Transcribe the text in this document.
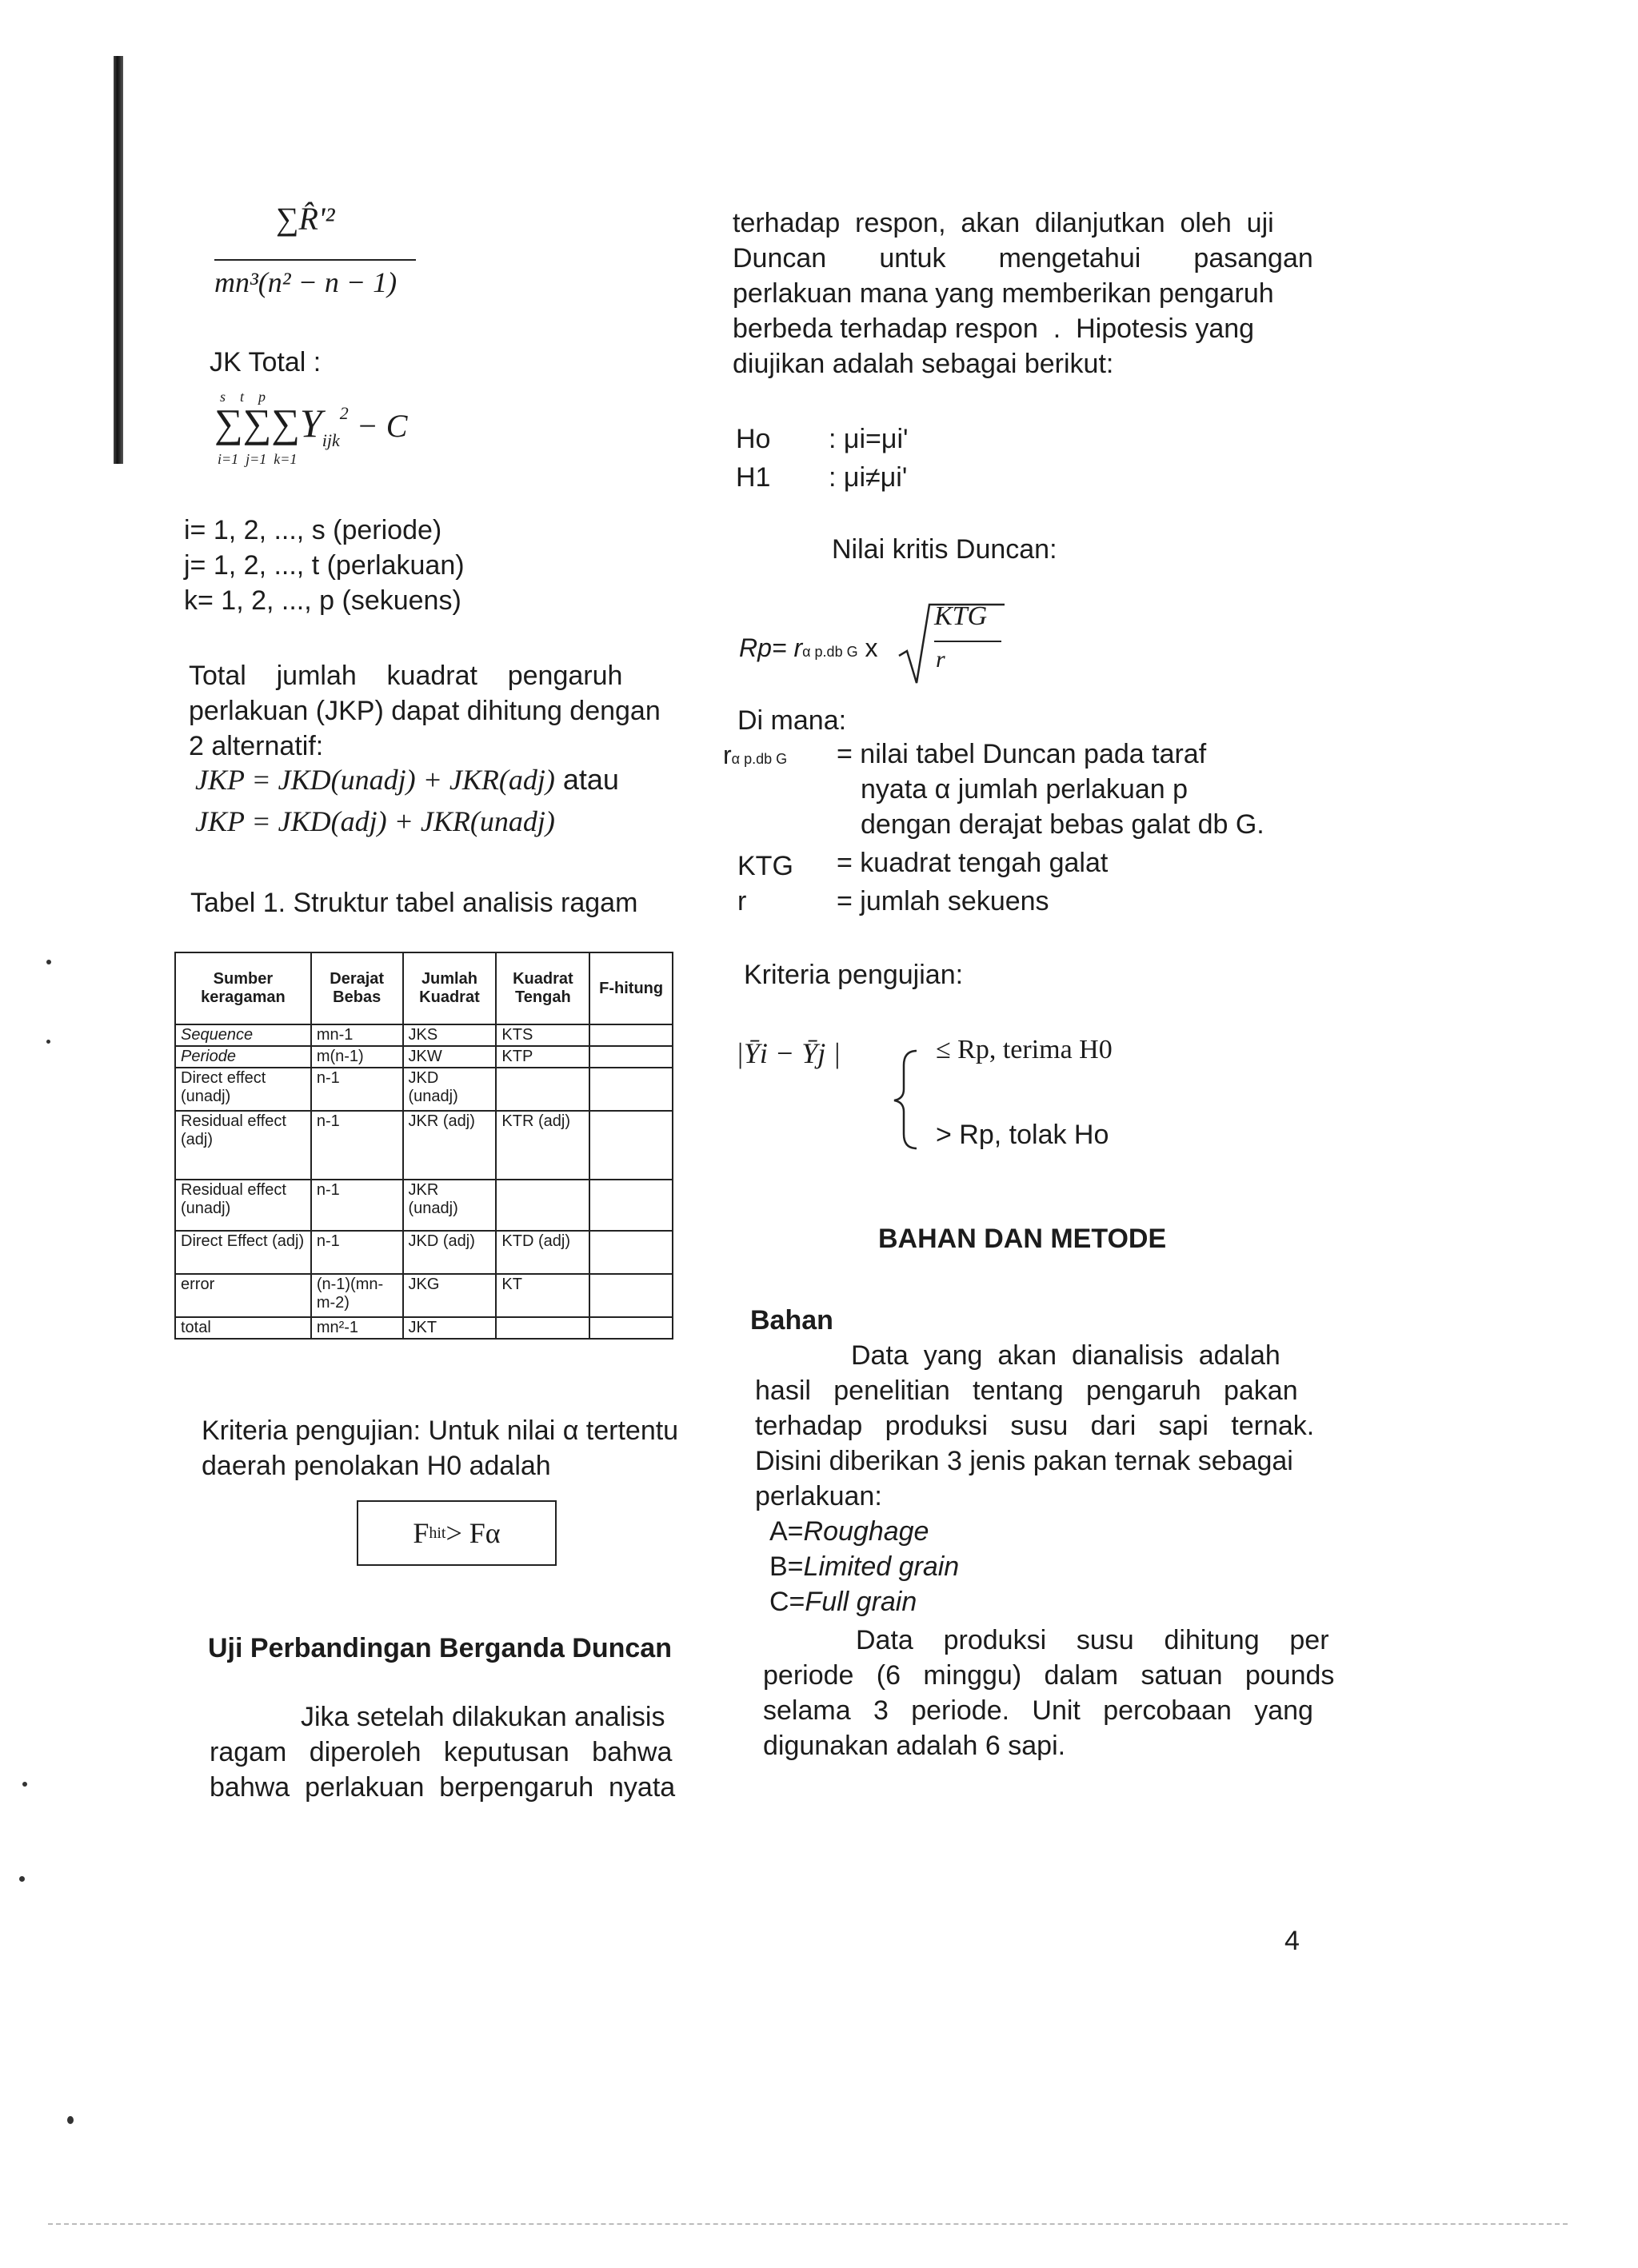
∑R̂'²
mn³(n² − n − 1)
JK Total :
s    t    p
∑∑∑Yijk2 − C
i=1  j=1  k=1
i= 1, 2, ..., s (periode)
j= 1, 2, ..., t (perlakuan)
k= 1, 2, ..., p (sekuens)
Total    jumlah    kuadrat    pengaruh
perlakuan (JKP) dapat dihitung dengan
2 alternatif:
JKP = JKD(unadj) + JKR(adj) atau
JKP = JKD(adj) + JKR(unadj)
Tabel 1. Struktur tabel analisis ragam
Sumber keragaman	Derajat Bebas	Jumlah Kuadrat	Kuadrat Tengah	F-hitung
Sequence	mn-1	JKS	KTS	
Periode	m(n-1)	JKW	KTP	
Direct effect (unadj)	n-1	JKD (unadj)		
Residual effect (adj)	n-1	JKR (adj)	KTR (adj)	
Residual effect (unadj)	n-1	JKR (unadj)		
Direct Effect (adj)	n-1	JKD (adj)	KTD (adj)	
error	(n-1)(mn-m-2)	JKG	KT	
total	mn²-1	JKT		
Kriteria pengujian: Untuk nilai α tertentu
daerah penolakan H0 adalah
F hit > F α
Uji Perbandingan Berganda Duncan
Jika setelah dilakukan analisis
ragam   diperoleh   keputusan   bahwa
bahwa  perlakuan  berpengaruh  nyata
terhadap  respon,  akan  dilanjutkan  oleh  uji
Duncan       untuk       mengetahui       pasangan
perlakuan mana yang memberikan pengaruh
berbeda terhadap respon  .  Hipotesis yang
diujikan adalah sebagai berikut:
Ho : μi=μi'
H1 : μi≠μi'
Nilai kritis Duncan:
Rp= rα p.db G x
KTG
r
Di mana:
rα p.db G = nilai tabel Duncan pada taraf
nyata α jumlah perlakuan p
dengan derajat bebas galat db G.
KTG = kuadrat tengah galat
r	= jumlah sekuens
Kriteria pengujian:
|Ȳi − Ȳj |	≤ Rp, terima H0
> Rp, tolak Ho
BAHAN DAN METODE
Bahan
Data  yang  akan  dianalisis  adalah
hasil   penelitian   tentang   pengaruh   pakan
terhadap   produksi   susu   dari   sapi   ternak.
Disini diberikan 3 jenis pakan ternak sebagai
perlakuan:
A=Roughage
B=Limited grain
C=Full grain
Data    produksi    susu    dihitung    per
periode   (6   minggu)   dalam   satuan   pounds
selama   3   periode.   Unit   percobaan   yang
digunakan adalah 6 sapi.
4
